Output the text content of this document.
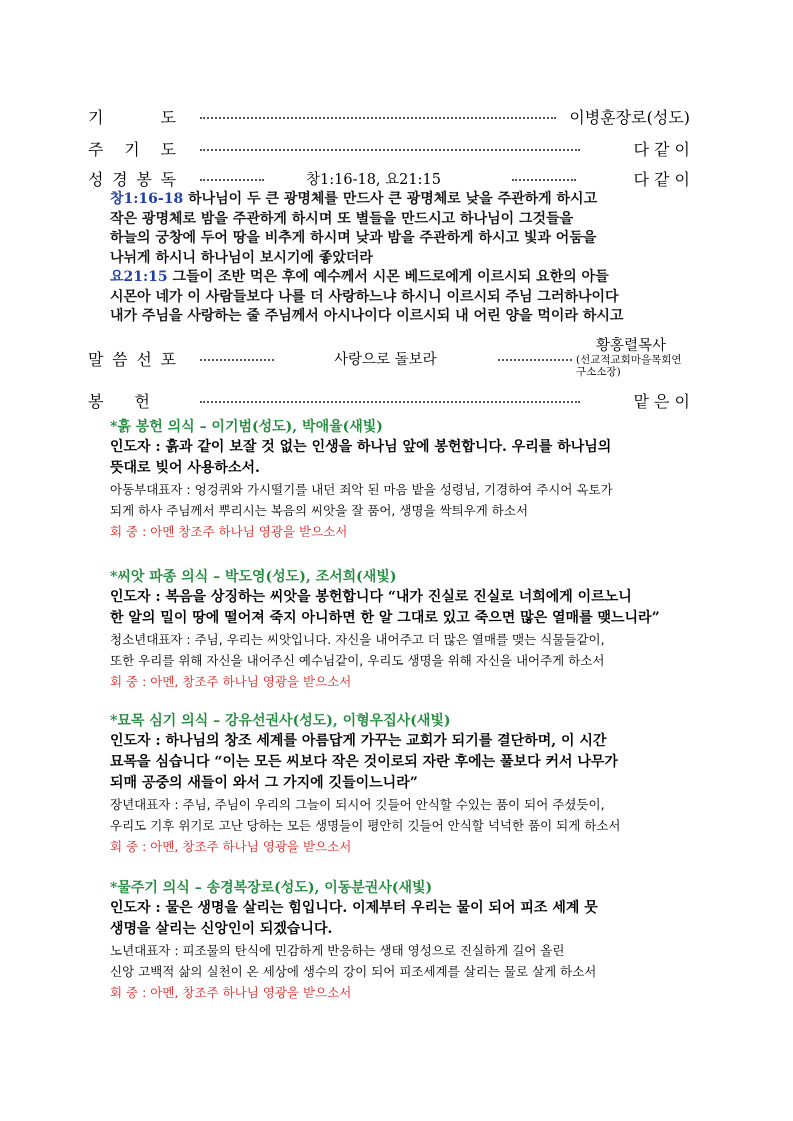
기	도	이병훈장로(성도)
주 기 도	다 같 이
성 경 봉 독	창1:16-18, 요21:15	다 같 이
창1:16-18 하나님이 두 큰 광명체를 만드사 큰 광명체로 낮을 주관하게 하시고
작은 광명체로 밤을 주관하게 하시며 또 별들을 만드시고 하나님이 그것들을
하늘의 궁창에 두어 땅을 비추게 하시며 낮과 밤을 주관하게 하시고 빛과 어둠을
나뉘게 하시니 하나님이 보시기에 좋았더라
요21:15 그들이 조반 먹은 후에 예수께서 시몬 베드로에게 이르시되 요한의 아들
시몬아 네가 이 사람들보다 나를 더 사랑하느냐 하시니 이르시되 주님 그러하나이다
내가 주님을 사랑하는 줄 주님께서 아시나이다 이르시되 내 어린 양을 먹이라 하시고
말 씀 선 포	사랑으로 돌보라
황홍렬목사
(선교적교회마을목회연구소소장)
봉 헌	맡 은 이
*흙 봉헌 의식 – 이기범(성도), 박애율(새빛)
인도자 : 흙과 같이 보잘 것 없는 인생을 하나님 앞에 봉헌합니다. 우리를 하나님의
뜻대로 빚어 사용하소서.
아동부대표자 : 엉겅퀴와 가시떨기를 내던 죄악 된 마음 밭을 성령님, 기경하여 주시어 옥토가
되게 하사 주님께서 뿌리시는 복음의 씨앗을 잘 품어, 생명을 싹틔우게 하소서
회 중 : 아멘 창조주 하나님 영광을 받으소서
*씨앗 파종 의식 – 박도영(성도), 조서희(새빛)
인도자 : 복음을 상징하는 씨앗을 봉헌합니다 “내가 진실로 진실로 너희에게 이르노니
한 알의 밀이 땅에 떨어져 죽지 아니하면 한 알 그대로 있고 죽으면 많은 열매를 맺느니라”
청소년대표자 : 주님, 우리는 씨앗입니다. 자신을 내어주고 더 많은 열매를 맺는 식물들같이,
또한 우리를 위해 자신을 내어주신 예수님같이, 우리도 생명을 위해 자신을 내어주게 하소서
회 중 : 아멘, 창조주 하나님 영광을 받으소서
*묘목 심기 의식 – 강유선권사(성도), 이형우집사(새빛)
인도자 : 하나님의 창조 세계를 아름답게 가꾸는 교회가 되기를 결단하며, 이 시간
묘목을 심습니다 “이는 모든 씨보다 작은 것이로되 자란 후에는 풀보다 커서 나무가
되매 공중의 새들이 와서 그 가지에 깃들이느니라”
장년대표자 : 주님, 주님이 우리의 그늘이 되시어 깃들어 안식할 수있는 품이 되어 주셨듯이,
우리도 기후 위기로 고난 당하는 모든 생명들이 평안히 깃들어 안식할 넉넉한 품이 되게 하소서
회 중 : 아멘, 창조주 하나님 영광을 받으소서
*물주기 의식 – 송경복장로(성도), 이동분권사(새빛)
인도자 : 물은 생명을 살리는 힘입니다. 이제부터 우리는 물이 되어 피조 세계 뭇
생명을 살리는 신앙인이 되겠습니다.
노년대표자 : 피조물의 탄식에 민감하게 반응하는 생태 영성으로 진실하게 길어 올린
신앙 고백적 삶의 실천이 온 세상에 생수의 강이 되어 피조세계를 살리는 물로 살게 하소서
회 중 : 아멘, 창조주 하나님 영광을 받으소서
